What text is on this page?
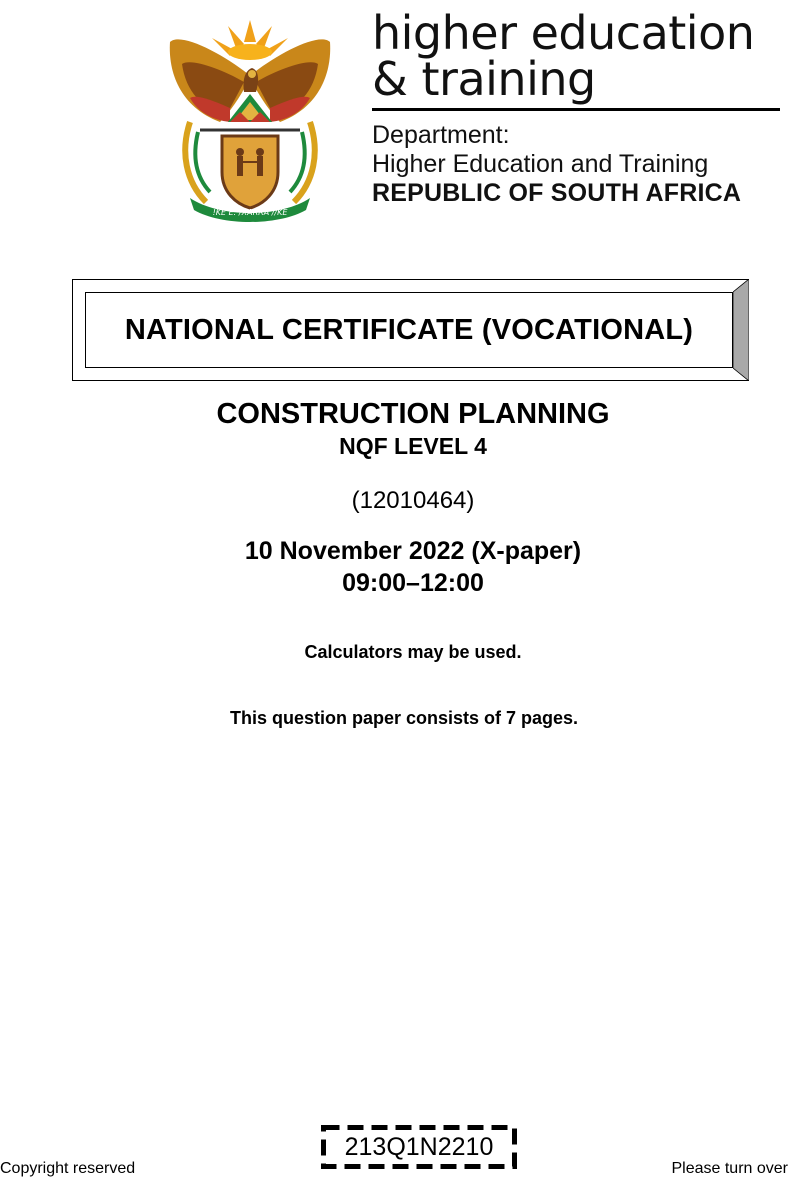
!KE E: /XARRA //KE
higher education
& training
Department:
Higher Education and Training
REPUBLIC OF SOUTH AFRICA
NATIONAL CERTIFICATE (VOCATIONAL)
CONSTRUCTION PLANNING
NQF LEVEL 4
(12010464)
10 November 2022 (X-paper)
09:00–12:00
Calculators may be used.
This question paper consists of 7 pages.
213Q1N2210
Copyright reserved	Please turn over
